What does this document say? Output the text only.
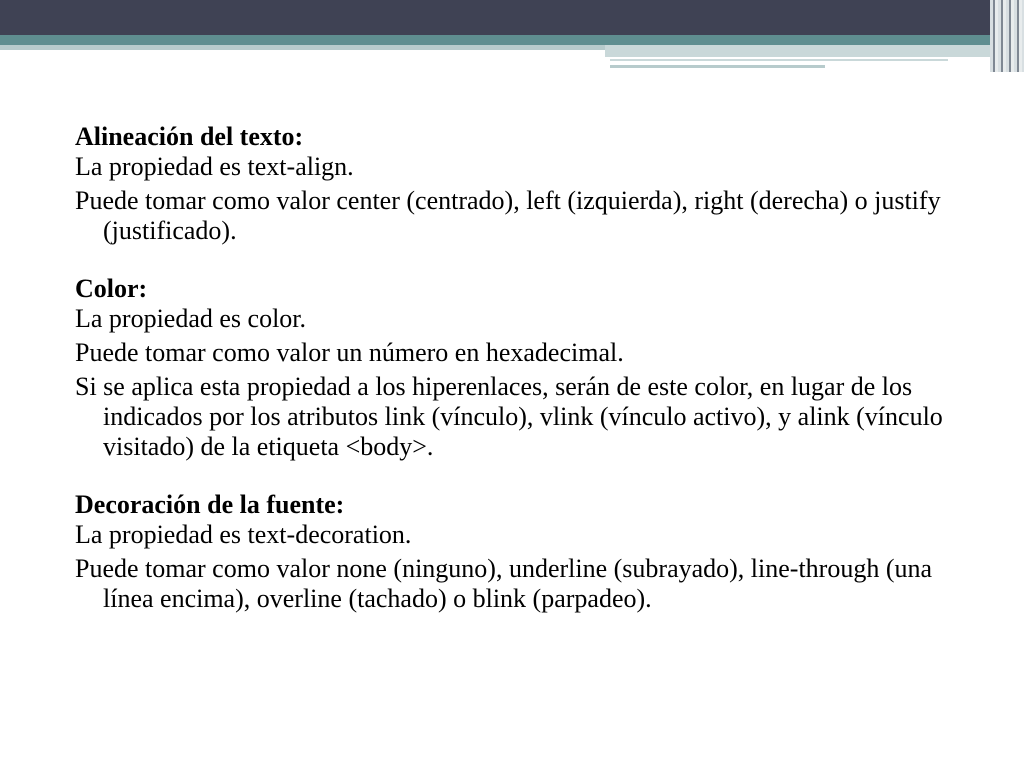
Alineación del texto:
La propiedad es text-align.
Puede tomar como valor center (centrado), left (izquierda), right (derecha) o justify (justificado).
Color:
La propiedad es color.
Puede tomar como valor un número en hexadecimal.
Si se aplica esta propiedad a los hiperenlaces, serán de este color, en lugar de los indicados por los atributos link (vínculo), vlink (vínculo activo), y alink (vínculo visitado) de la etiqueta <body>.
Decoración de la fuente:
La propiedad es text-decoration.
Puede tomar como valor none (ninguno), underline (subrayado), line-through (una línea encima), overline (tachado) o blink (parpadeo).
